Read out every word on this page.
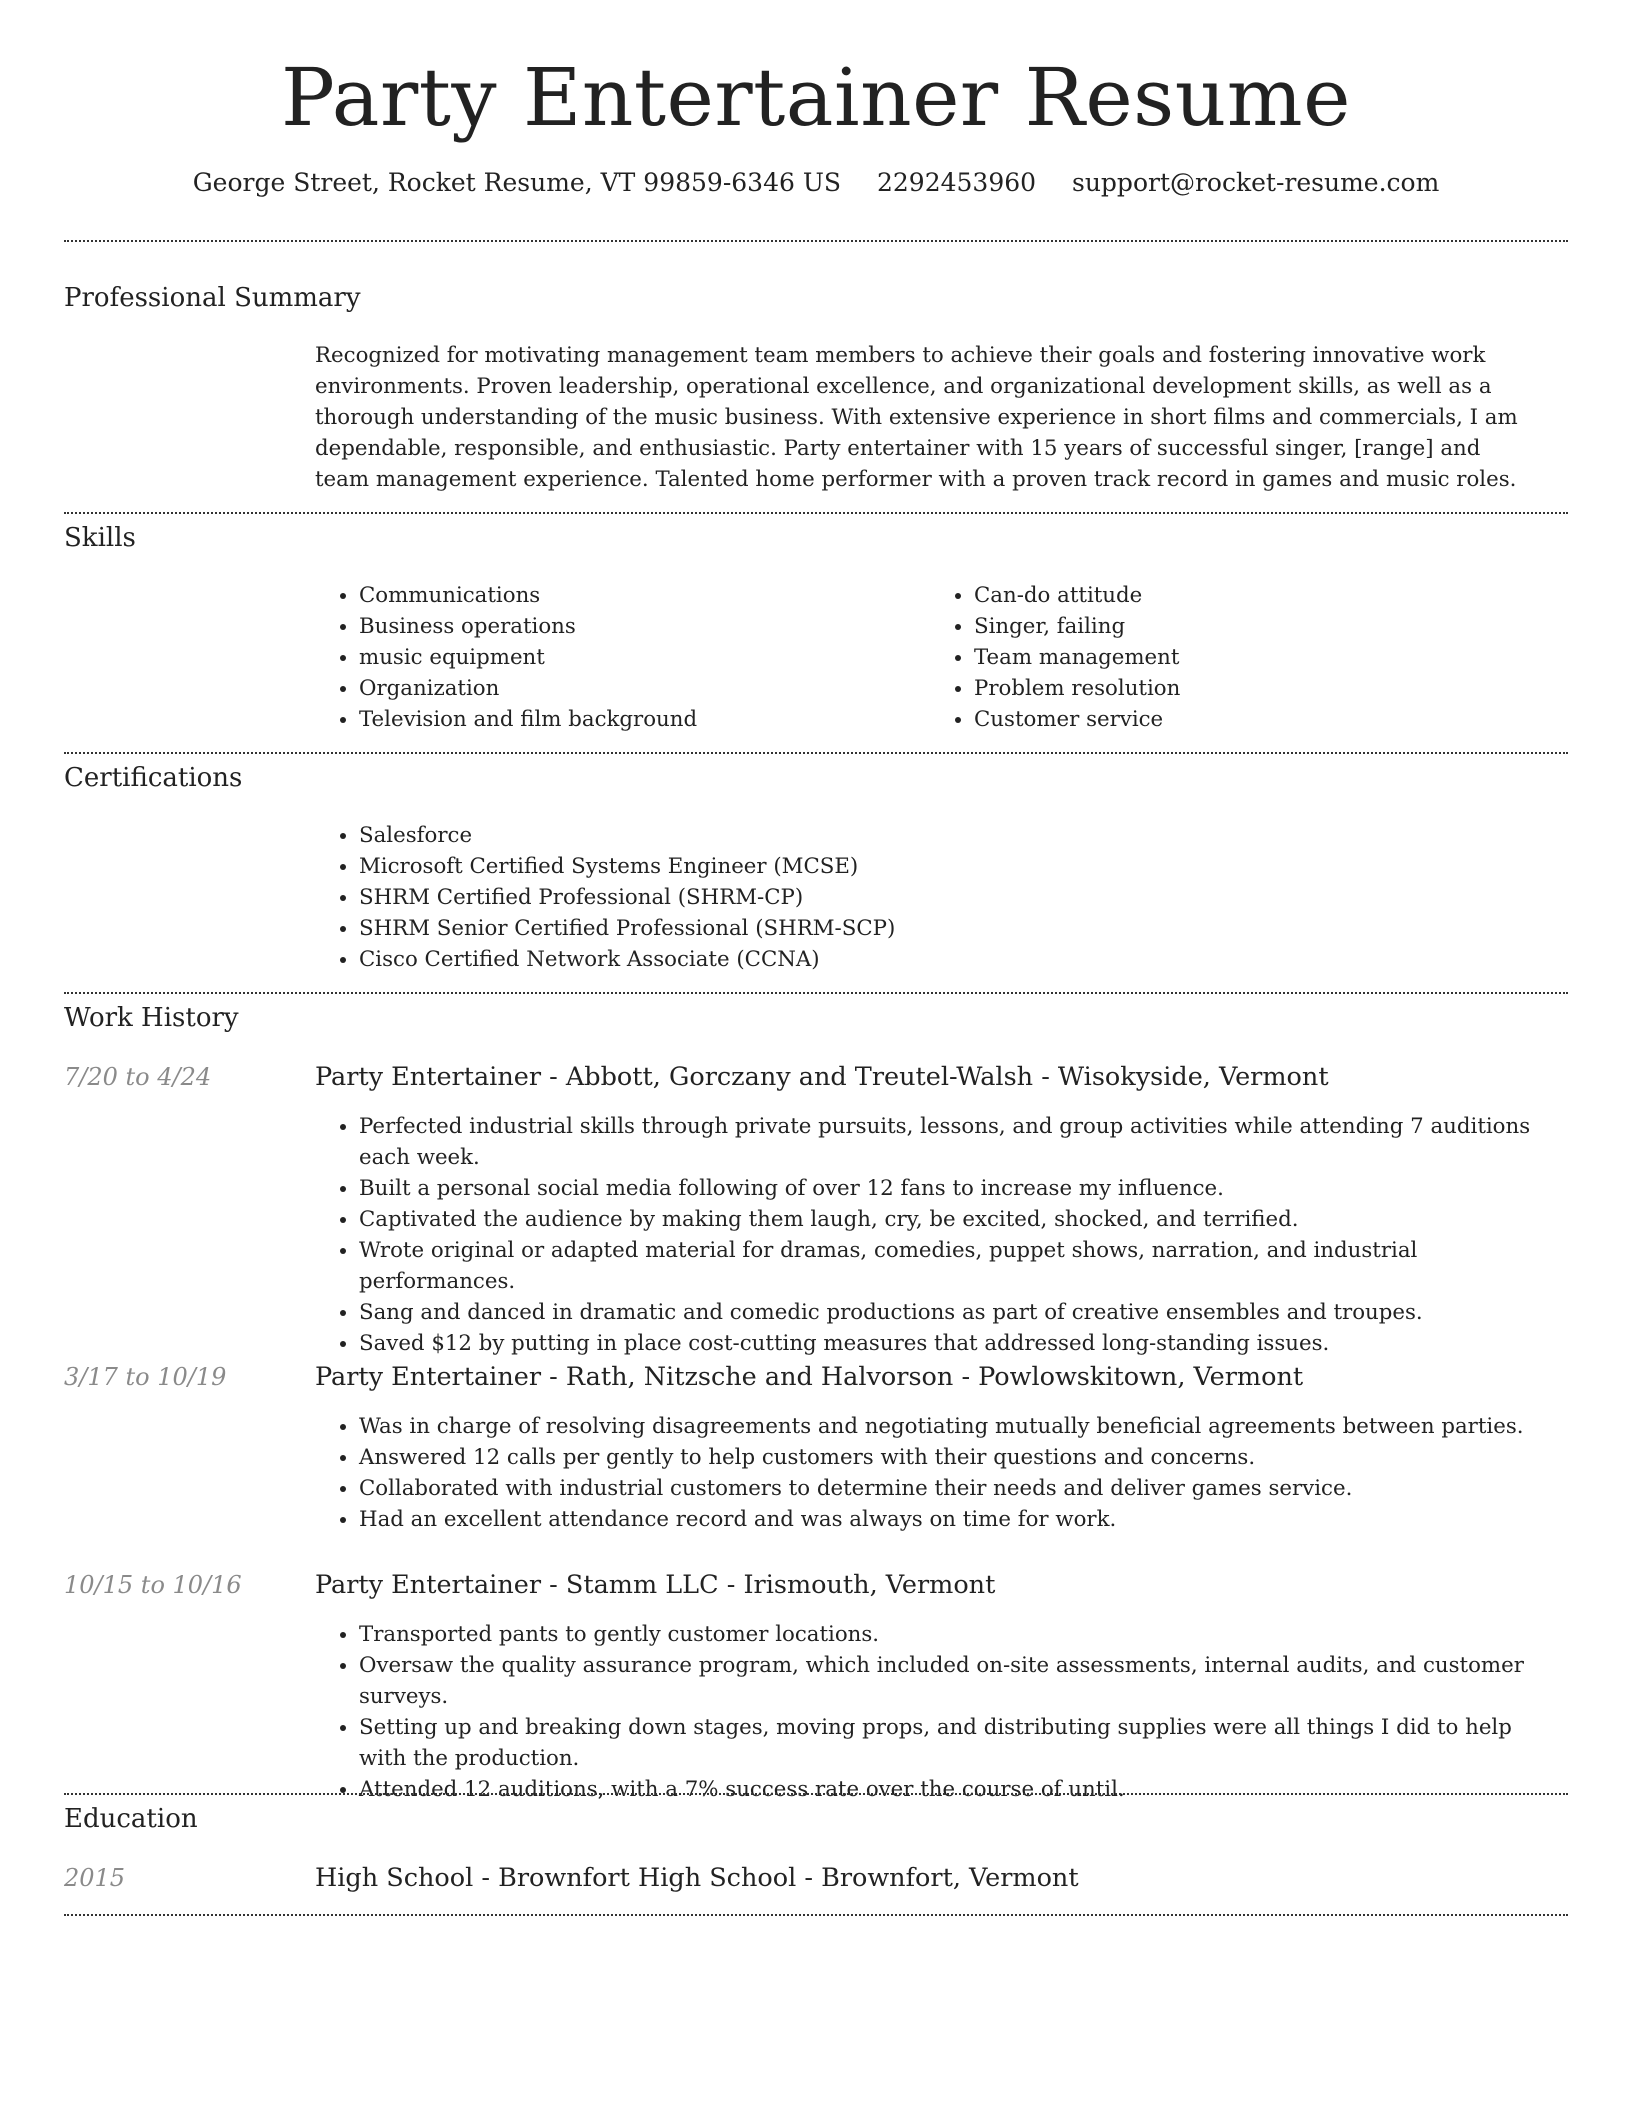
Party Entertainer Resume
George Street, Rocket Resume, VT 99859-6346 US 2292453960 support@rocket-resume.com
Professional Summary

Recognized for motivating management team members to achieve their goals and fostering innovative work environments. Proven leadership, operational excellence, and organizational development skills, as well as a thorough understanding of the music business. With extensive experience in short films and commercials, I am dependable, responsible, and enthusiastic. Party entertainer with 15 years of successful singer, [range] and team management experience. Talented home performer with a proven track record in games and music roles.

Skills
• Communications
• Business operations
• music equipment
• Organization
• Television and film background
• Can-do attitude
• Singer, failing
• Team management
• Problem resolution
• Customer service
Certifications
• Salesforce
• Microsoft Certified Systems Engineer (MCSE)
• SHRM Certified Professional (SHRM-CP)
• SHRM Senior Certified Professional (SHRM-SCP)
• Cisco Certified Network Associate (CCNA)
Work History
7/20 to 4/24	Party Entertainer - Abbott, Gorczany and Treutel-Walsh - Wisokyside, Vermont
• Perfected industrial skills through private pursuits, lessons, and group activities while attending 7 auditions each week.
• Built a personal social media following of over 12 fans to increase my influence.
• Captivated the audience by making them laugh, cry, be excited, shocked, and terrified.
• Wrote original or adapted material for dramas, comedies, puppet shows, narration, and industrial performances.
• Sang and danced in dramatic and comedic productions as part of creative ensembles and troupes.
• Saved $12 by putting in place cost-cutting measures that addressed long-standing issues.
3/17 to 10/19	Party Entertainer - Rath, Nitzsche and Halvorson - Powlowskitown, Vermont
• Was in charge of resolving disagreements and negotiating mutually beneficial agreements between parties.
• Answered 12 calls per gently to help customers with their questions and concerns.
• Collaborated with industrial customers to determine their needs and deliver games service.
• Had an excellent attendance record and was always on time for work.
10/15 to 10/16	Party Entertainer - Stamm LLC - Irismouth, Vermont
• Transported pants to gently customer locations.
• Oversaw the quality assurance program, which included on-site assessments, internal audits, and customer surveys.
• Setting up and breaking down stages, moving props, and distributing supplies were all things I did to help with the production.
• Attended 12 auditions, with a 7% success rate over the course of until.
Education
2015	High School - Brownfort High School - Brownfort, Vermont
